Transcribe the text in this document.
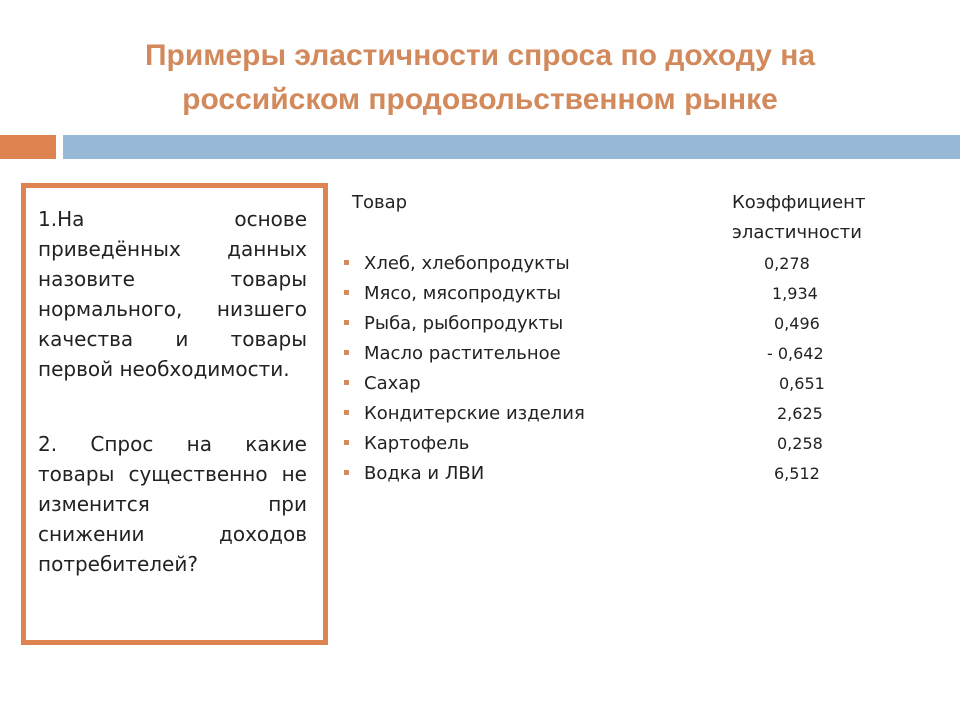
Примеры эластичности спроса по доходу на российском продовольственном рынке
1.На основе приведённых данных назовите товары нормального, низшего качества и товары первой необходимости.
2. Спрос на какие товары существенно не изменится при снижении доходов потребителей?
Товар	Коэффициент
эластичности
▪ Хлеб, хлебопродукты	0,278
▪ Мясо, мясопродукты	1,934
▪ Рыба, рыбопродукты	0,496
▪ Масло растительное	- 0,642
▪ Сахар	0,651
▪ Кондитерские изделия	2,625
▪ Картофель	0,258
▪ Водка и ЛВИ	6,512
